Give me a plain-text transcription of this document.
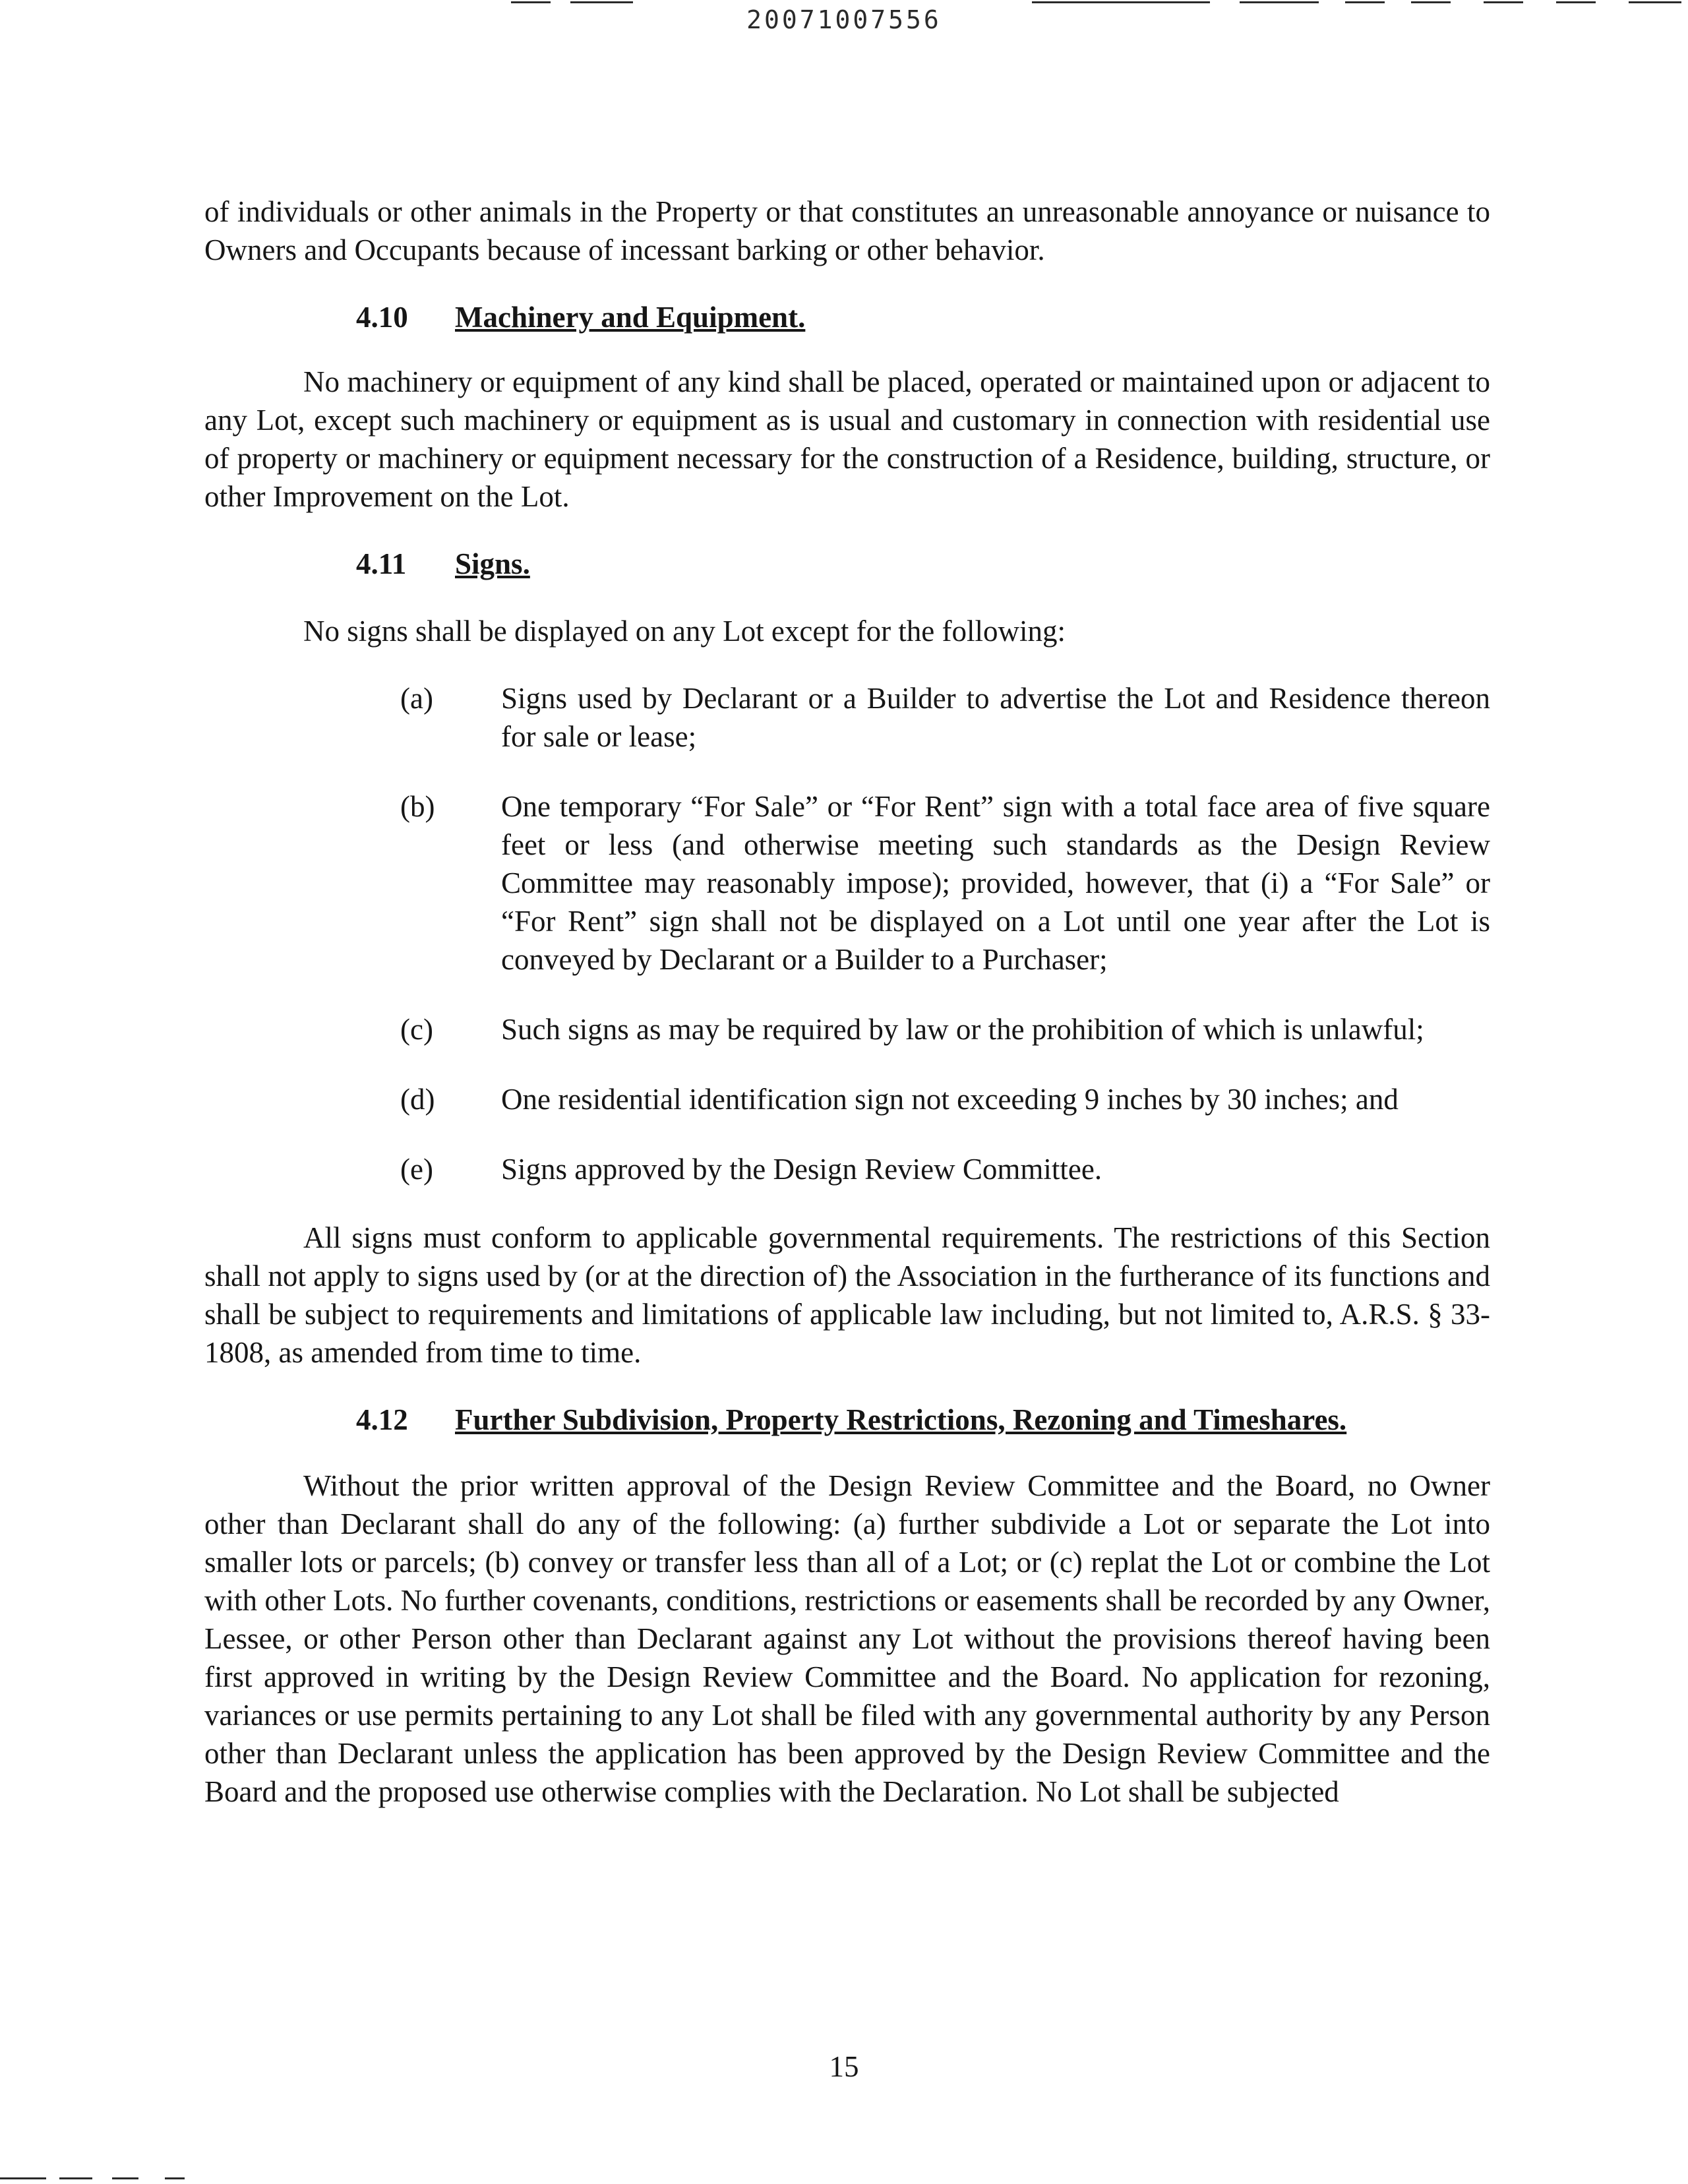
20071007556

of individuals or other animals in the Property or that constitutes an unreasonable annoyance or nuisance to Owners and Occupants because of incessant barking or other behavior.

4.10 Machinery and Equipment.

No machinery or equipment of any kind shall be placed, operated or maintained upon or adjacent to any Lot, except such machinery or equipment as is usual and customary in connection with residential use of property or machinery or equipment necessary for the construction of a Residence, building, structure, or other Improvement on the Lot.

4.11 Signs.

No signs shall be displayed on any Lot except for the following:

(a)	Signs used by Declarant or a Builder to advertise the Lot and Residence thereon for sale or lease;
(b)	One temporary “For Sale” or “For Rent” sign with a total face area of five square feet or less (and otherwise meeting such standards as the Design Review Committee may reasonably impose); provided, however, that (i) a “For Sale” or “For Rent” sign shall not be displayed on a Lot until one year after the Lot is conveyed by Declarant or a Builder to a Purchaser;
(c)	Such signs as may be required by law or the prohibition of which is unlawful;
(d)	One residential identification sign not exceeding 9 inches by 30 inches; and
(e)	Signs approved by the Design Review Committee.

All signs must conform to applicable governmental requirements. The restrictions of this Section shall not apply to signs used by (or at the direction of) the Association in the furtherance of its functions and shall be subject to requirements and limitations of applicable law including, but not limited to, A.R.S. § 33-1808, as amended from time to time.

4.12 Further Subdivision, Property Restrictions, Rezoning and Timeshares.

Without the prior written approval of the Design Review Committee and the Board, no Owner other than Declarant shall do any of the following: (a) further subdivide a Lot or separate the Lot into smaller lots or parcels; (b) convey or transfer less than all of a Lot; or (c) replat the Lot or combine the Lot with other Lots. No further covenants, conditions, restrictions or easements shall be recorded by any Owner, Lessee, or other Person other than Declarant against any Lot without the provisions thereof having been first approved in writing by the Design Review Committee and the Board. No application for rezoning, variances or use permits pertaining to any Lot shall be filed with any governmental authority by any Person other than Declarant unless the application has been approved by the Design Review Committee and the Board and the proposed use otherwise complies with the Declaration. No Lot shall be subjected

15
